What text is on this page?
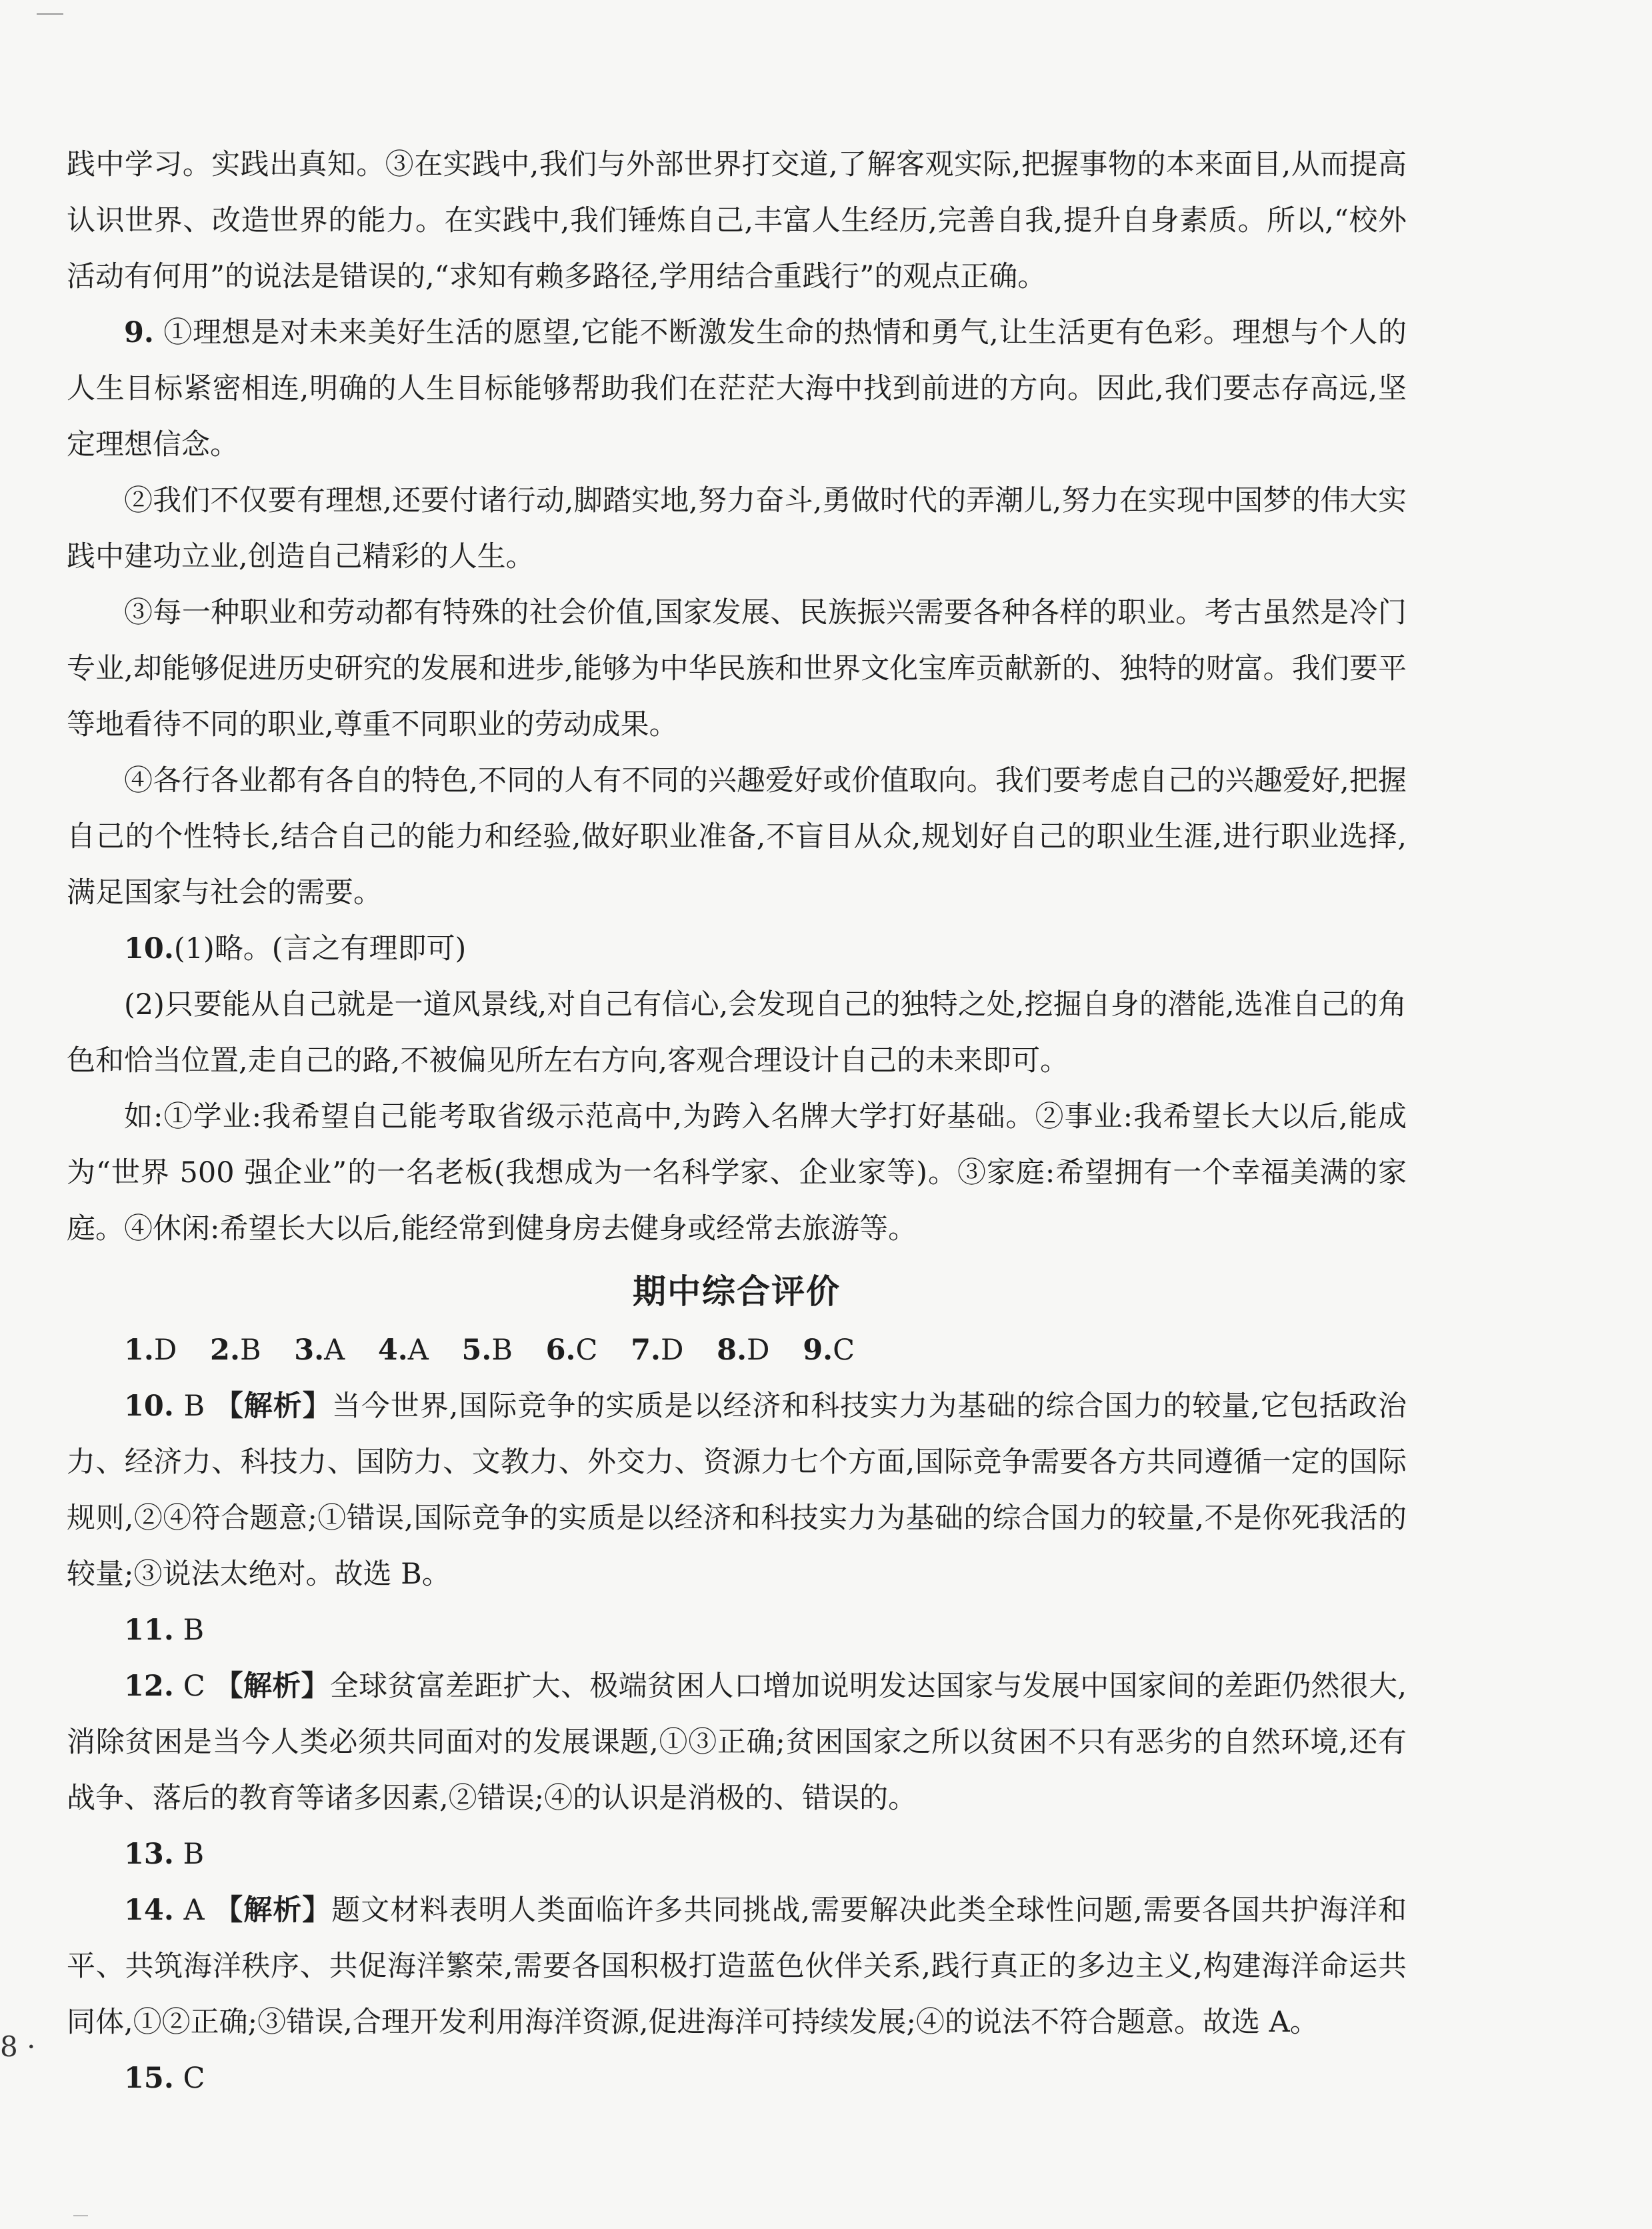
践中学习。实践出真知。③在实践中,我们与外部世界打交道,了解客观实际,把握事物的本来面目,从而提高认识世界、改造世界的能力。在实践中,我们锤炼自己,丰富人生经历,完善自我,提升自身素质。所以,“校外活动有何用”的说法是错误的,“求知有赖多路径,学用结合重践行”的观点正确。

9. ①理想是对未来美好生活的愿望,它能不断激发生命的热情和勇气,让生活更有色彩。理想与个人的人生目标紧密相连,明确的人生目标能够帮助我们在茫茫大海中找到前进的方向。因此,我们要志存高远,坚定理想信念。

②我们不仅要有理想,还要付诸行动,脚踏实地,努力奋斗,勇做时代的弄潮儿,努力在实现中国梦的伟大实践中建功立业,创造自己精彩的人生。

③每一种职业和劳动都有特殊的社会价值,国家发展、民族振兴需要各种各样的职业。考古虽然是冷门专业,却能够促进历史研究的发展和进步,能够为中华民族和世界文化宝库贡献新的、独特的财富。我们要平等地看待不同的职业,尊重不同职业的劳动成果。

④各行各业都有各自的特色,不同的人有不同的兴趣爱好或价值取向。我们要考虑自己的兴趣爱好,把握自己的个性特长,结合自己的能力和经验,做好职业准备,不盲目从众,规划好自己的职业生涯,进行职业选择,满足国家与社会的需要。

10.(1)略。(言之有理即可)

(2)只要能从自己就是一道风景线,对自己有信心,会发现自己的独特之处,挖掘自身的潜能,选准自己的角色和恰当位置,走自己的路,不被偏见所左右方向,客观合理设计自己的未来即可。

如:①学业:我希望自己能考取省级示范高中,为跨入名牌大学打好基础。②事业:我希望长大以后,能成为“世界 500 强企业”的一名老板(我想成为一名科学家、企业家等)。③家庭:希望拥有一个幸福美满的家庭。④休闲:希望长大以后,能经常到健身房去健身或经常去旅游等。

期中综合评价

1.D 2.B 3.A 4.A 5.B 6.C 7.D 8.D 9.C

10. B 【解析】当今世界,国际竞争的实质是以经济和科技实力为基础的综合国力的较量,它包括政治力、经济力、科技力、国防力、文教力、外交力、资源力七个方面,国际竞争需要各方共同遵循一定的国际规则,②④符合题意;①错误,国际竞争的实质是以经济和科技实力为基础的综合国力的较量,不是你死我活的较量;③说法太绝对。故选 B。

11. B

12. C 【解析】全球贫富差距扩大、极端贫困人口增加说明发达国家与发展中国家间的差距仍然很大,消除贫困是当今人类必须共同面对的发展课题,①③正确;贫困国家之所以贫困不只有恶劣的自然环境,还有战争、落后的教育等诸多因素,②错误;④的认识是消极的、错误的。

13. B

14. A 【解析】题文材料表明人类面临许多共同挑战,需要解决此类全球性问题,需要各国共护海洋和平、共筑海洋秩序、共促海洋繁荣,需要各国积极打造蓝色伙伴关系,践行真正的多边主义,构建海洋命运共同体,①②正确;③错误,合理开发利用海洋资源,促进海洋可持续发展;④的说法不符合题意。故选 A。

15. C

8 ·
